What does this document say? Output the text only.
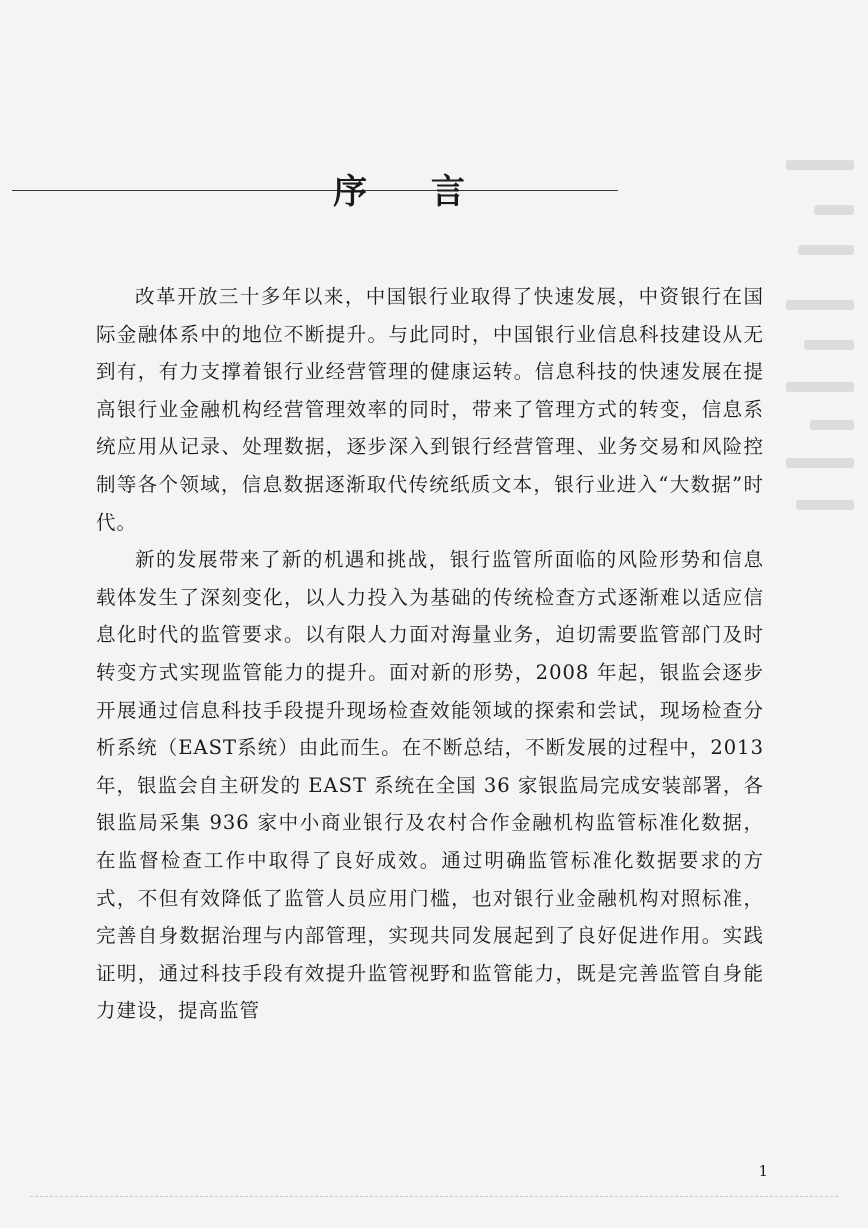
序 言

改革开放三十多年以来，中国银行业取得了快速发展，中资银行在国际金融体系中的地位不断提升。与此同时，中国银行业信息科技建设从无到有，有力支撑着银行业经营管理的健康运转。信息科技的快速发展在提高银行业金融机构经营管理效率的同时，带来了管理方式的转变，信息系统应用从记录、处理数据，逐步深入到银行经营管理、业务交易和风险控制等各个领域，信息数据逐渐取代传统纸质文本，银行业进入“大数据”时代。

新的发展带来了新的机遇和挑战，银行监管所面临的风险形势和信息载体发生了深刻变化，以人力投入为基础的传统检查方式逐渐难以适应信息化时代的监管要求。以有限人力面对海量业务，迫切需要监管部门及时转变方式实现监管能力的提升。面对新的形势，2008 年起，银监会逐步开展通过信息科技手段提升现场检查效能领域的探索和尝试，现场检查分析系统（EAST系统）由此而生。在不断总结，不断发展的过程中，2013 年，银监会自主研发的 EAST 系统在全国 36 家银监局完成安装部署，各银监局采集 936 家中小商业银行及农村合作金融机构监管标准化数据，在监督检查工作中取得了良好成效。通过明确监管标准化数据要求的方式，不但有效降低了监管人员应用门槛，也对银行业金融机构对照标准，完善自身数据治理与内部管理，实现共同发展起到了良好促进作用。实践证明，通过科技手段有效提升监管视野和监管能力，既是完善监管自身能力建设，提高监管

1
